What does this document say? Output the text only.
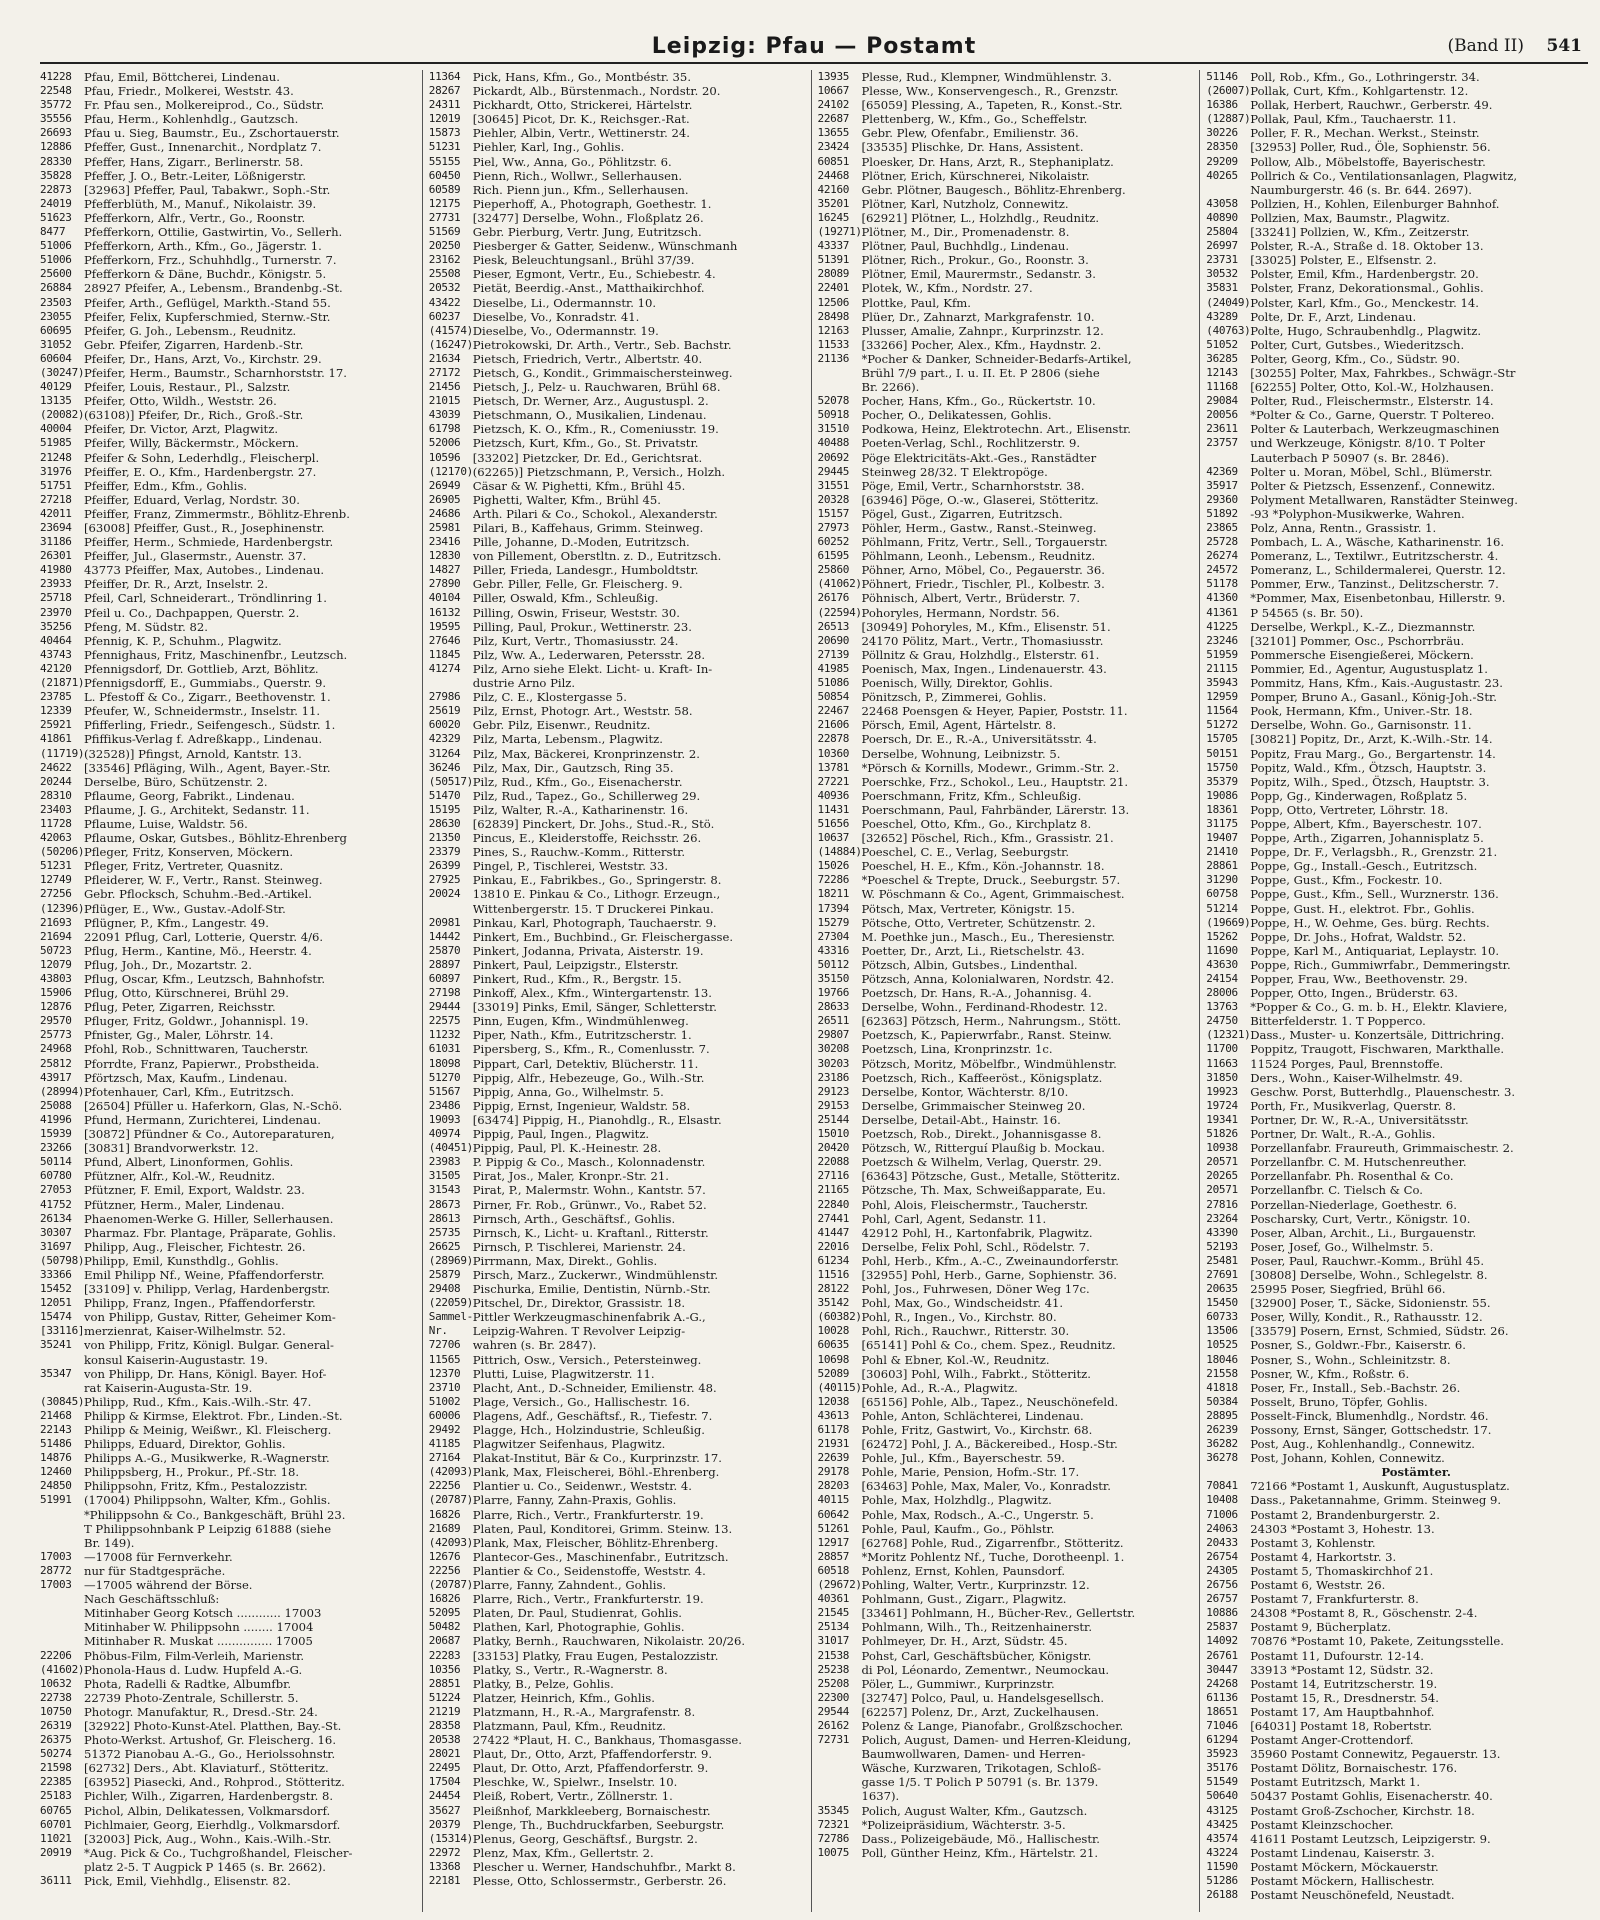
Leipzig: Pfau — Postamt	(Band II) 541
41228	Pfau, Emil, Böttcherei, Lindenau.
22548	Pfau, Friedr., Molkerei, Weststr. 43.
35772	Fr. Pfau sen., Molkereiprod., Co., Südstr.
35556	Pfau, Herm., Kohlenhdlg., Gautzsch.
26693	Pfau u. Sieg, Baumstr., Eu., Zschortauerstr.
12886	Pfeffer, Gust., Innenarchit., Nordplatz 7.
28330	Pfeffer, Hans, Zigarr., Berlinerstr. 58.
35828	Pfeffer, J. O., Betr.-Leiter, Lößnigerstr.
22873	[32963] Pfeffer, Paul, Tabakwr., Soph.-Str.
24019	Pfefferblüth, M., Manuf., Nikolaistr. 39.
51623	Pfefferkorn, Alfr., Vertr., Go., Roonstr.
8477	Pfefferkorn, Ottilie, Gastwirtin, Vo., Sellerh.
51006	Pfefferkorn, Arth., Kfm., Go., Jägerstr. 1.
51006	Pfefferkorn, Frz., Schuhhdlg., Turnerstr. 7.
25600	Pfefferkorn & Däne, Buchdr., Königstr. 5.
26884	28927 Pfeifer, A., Lebensm., Brandenbg.-St.
23503	Pfeifer, Arth., Geflügel, Markth.-Stand 55.
23055	Pfeifer, Felix, Kupferschmied, Sternw.-Str.
60695	Pfeifer, G. Joh., Lebensm., Reudnitz.
31052	Gebr. Pfeifer, Zigarren, Hardenb.-Str.
60604	Pfeifer, Dr., Hans, Arzt, Vo., Kirchstr. 29.
(30247) Pfeifer, Herm., Baumstr., Scharnhorststr. 17.
40129	Pfeifer, Louis, Restaur., Pl., Salzstr.
13135	Pfeifer, Otto, Wildh., Weststr. 26.
(20082) (63108)] Pfeifer, Dr., Rich., Groß.-Str.
40004	Pfeifer, Dr. Victor, Arzt, Plagwitz.
51985	Pfeifer, Willy, Bäckermstr., Möckern.
21248	Pfeifer & Sohn, Lederhdlg., Fleischerpl.
31976	Pfeiffer, E. O., Kfm., Hardenbergstr. 27.
51751	Pfeiffer, Edm., Kfm., Gohlis.
27218	Pfeiffer, Eduard, Verlag, Nordstr. 30.
42011	Pfeiffer, Franz, Zimmermstr., Böhlitz-Ehrenb.
23694	[63008] Pfeiffer, Gust., R., Josephinenstr.
31186	Pfeiffer, Herm., Schmiede, Hardenbergstr.
26301	Pfeiffer, Jul., Glasermstr., Auenstr. 37.
41980	43773 Pfeiffer, Max, Autobes., Lindenau.
23933	Pfeiffer, Dr. R., Arzt, Inselstr. 2.
25718	Pfeil, Carl, Schneiderart., Tröndlinring 1.
23970	Pfeil u. Co., Dachpappen, Querstr. 2.
35256	Pfeng, M. Südstr. 82.
40464	Pfennig, K. P., Schuhm., Plagwitz.
43743	Pfennighaus, Fritz, Maschinenfbr., Leutzsch.
42120	Pfennigsdorf, Dr. Gottlieb, Arzt, Böhlitz.
(21871) Pfennigsdorff, E., Gummiabs., Querstr. 9.
23785	L. Pfestoff & Co., Zigarr., Beethovenstr. 1.
12339	Pfeufer, W., Schneidermstr., Inselstr. 11.
25921	Pfifferling, Friedr., Seifengesch., Südstr. 1.
41861	Pfiffikus-Verlag f. Adreßkapp., Lindenau.
(11719) (32528)] Pfingst, Arnold, Kantstr. 13.
24622	[33546] Pfläging, Wilh., Agent, Bayer.-Str.
20244	Derselbe, Büro, Schützenstr. 2.
28310	Pflaume, Georg, Fabrikt., Lindenau.
23403	Pflaume, J. G., Architekt, Sedanstr. 11.
11728	Pflaume, Luise, Waldstr. 56.
42063	Pflaume, Oskar, Gutsbes., Böhlitz-Ehrenberg
(50206) Pfleger, Fritz, Konserven, Möckern.
51231	Pfleger, Fritz, Vertreter, Quasnitz.
12749	Pfleiderer, W. F., Vertr., Ranst. Steinweg.
27256	Gebr. Pflocksch, Schuhm.-Bed.-Artikel.
(12396) Pflüger, E., Ww., Gustav.-Adolf-Str.
21693	Pflügner, P., Kfm., Langestr. 49.
21694	22091 Pflug, Carl, Lotterie, Querstr. 4/6.
50723	Pflug, Herm., Kantine, Mö., Heerstr. 4.
12079	Pflug, Joh., Dr., Mozartstr. 2.
43803	Pflug, Oscar, Kfm., Leutzsch, Bahnhofstr.
15906	Pflug, Otto, Kürschnerei, Brühl 29.
12876	Pflug, Peter, Zigarren, Reichsstr.
29570	Pfluger, Fritz, Goldwr., Johannispl. 19.
25773	Pfnister, Gg., Maler, Löhrstr. 14.
24968	Pfohl, Rob., Schnittwaren, Taucherstr.
25812	Pforrdte, Franz, Papierwr., Probstheida.
43917	Pförtzsch, Max, Kaufm., Lindenau.
(28994) Pfotenhauer, Carl, Kfm., Eutritzsch.
25088	[26504] Pfüller u. Haferkorn, Glas, N.-Schö.
41996	Pfund, Hermann, Zurichterei, Lindenau.
15939	[30872] Pfündner & Co., Autoreparaturen,
23266	[30831] Brandvorwerkstr. 12.
50114	Pfund, Albert, Linonformen, Gohlis.
60780	Pfützner, Alfr., Kol.-W., Reudnitz.
27053	Pfützner, F. Emil, Export, Waldstr. 23.
41752	Pfützner, Herm., Maler, Lindenau.
26134	Phaenomen-Werke G. Hiller, Sellerhausen.
30307	Pharmaz. Fbr. Plantage, Präparate, Gohlis.
31697	Philipp, Aug., Fleischer, Fichtestr. 26.
(50798) Philipp, Emil, Kunsthdlg., Gohlis.
33366	Emil Philipp Nf., Weine, Pfaffendorferstr.
15452	[33109] v. Philipp, Verlag, Hardenbergstr.
12051	Philipp, Franz, Ingen., Pfaffendorferstr.
15474	von Philipp, Gustav, Ritter, Geheimer Kom-
[33116] merzienrat, Kaiser-Wilhelmstr. 52.
35241	von Philipp, Fritz, Königl. Bulgar. General-
konsul Kaiserin-Augustastr. 19.
35347	von Philipp, Dr. Hans, Königl. Bayer. Hof-
rat Kaiserin-Augusta-Str. 19.
(30845) Philipp, Rud., Kfm., Kais.-Wilh.-Str. 47.
21468	Philipp & Kirmse, Elektrot. Fbr., Linden.-St.
22143	Philipp & Meinig, Weißwr., Kl. Fleischerg.
51486	Philipps, Eduard, Direktor, Gohlis.
14876	Philipps A.-G., Musikwerke, R.-Wagnerstr.
12460	Philippsberg, H., Prokur., Pf.-Str. 18.
24850	Philippsohn, Fritz, Kfm., Pestalozzistr.
51991	(17004) Philippsohn, Walter, Kfm., Gohlis.
*Philippsohn & Co., Bankgeschäft, Brühl 23.
T Philippsohnbank P Leipzig 61888 (siehe
Br. 149).
17003	—17008 für Fernverkehr.
28772	nur für Stadtgespräche.
17003	—17005 während der Börse.
Nach Geschäftsschluß:
Mitinhaber Georg Kotsch ............ 17003
Mitinhaber W. Philippsohn ........ 17004
Mitinhaber R. Muskat ............... 17005
22206	Phöbus-Film, Film-Verleih, Marienstr.
(41602) Phonola-Haus d. Ludw. Hupfeld A.-G.
10632	Phota, Radelli & Radtke, Albumfbr.
22738	22739 Photo-Zentrale, Schillerstr. 5.
10750	Photogr. Manufaktur, R., Dresd.-Str. 24.
26319	[32922] Photo-Kunst-Atel. Platthen, Bay.-St.
26375	Photo-Werkst. Artushof, Gr. Fleischerg. 16.
50274	51372 Pianobau A.-G., Go., Heriolssohnstr.
21598	[62732] Ders., Abt. Klaviaturf., Stötteritz.
22385	[63952] Piasecki, And., Rohprod., Stötteritz.
25183	Pichler, Wilh., Zigarren, Hardenbergstr. 8.
60765	Pichol, Albin, Delikatessen, Volkmarsdorf.
60701	Pichlmaier, Georg, Eierhdlg., Volkmarsdorf.
11021	[32003] Pick, Aug., Wohn., Kais.-Wilh.-Str.
20919	*Aug. Pick & Co., Tuchgroßhandel, Fleischer-
platz 2-5. T Augpick P 1465 (s. Br. 2662).
36111	Pick, Emil, Viehhdlg., Elisenstr. 82.
11364	Pick, Hans, Kfm., Go., Montbéstr. 35.
28267	Pickardt, Alb., Bürstenmach., Nordstr. 20.
24311	Pickhardt, Otto, Strickerei, Härtelstr.
12019	[30645] Picot, Dr. K., Reichsger.-Rat.
15873	Piehler, Albin, Vertr., Wettinerstr. 24.
51231	Piehler, Karl, Ing., Gohlis.
55155	Piel, Ww., Anna, Go., Pöhlitzstr. 6.
60450	Pienn, Rich., Wollwr., Sellerhausen.
60589	Rich. Pienn jun., Kfm., Sellerhausen.
12175	Pieperhoff, A., Photograph, Goethestr. 1.
27731	[32477] Derselbe, Wohn., Floßplatz 26.
51569	Gebr. Pierburg, Vertr. Jung, Eutritzsch.
20250	Piesberger & Gatter, Seidenw., Wünschmanh
23162	Piesk, Beleuchtungsanl., Brühl 37/39.
25508	Pieser, Egmont, Vertr., Eu., Schiebestr. 4.
20532	Pietät, Beerdig.-Anst., Matthaikirchhof.
43422	Dieselbe, Li., Odermannstr. 10.
60237	Dieselbe, Vo., Konradstr. 41.
(41574) Dieselbe, Vo., Odermannstr. 19.
(16247) Pietrokowski, Dr. Arth., Vertr., Seb. Bachstr.
21634	Pietsch, Friedrich, Vertr., Albertstr. 40.
27172	Pietsch, G., Kondit., Grimmaischersteinweg.
21456	Pietsch, J., Pelz- u. Rauchwaren, Brühl 68.
21015	Pietsch, Dr. Werner, Arz., Augustuspl. 2.
43039	Pietschmann, O., Musikalien, Lindenau.
61798	Pietzsch, K. O., Kfm., R., Comeniusstr. 19.
52006	Pietzsch, Kurt, Kfm., Go., St. Privatstr.
10596	[33202] Pietzcker, Dr. Ed., Gerichtsrat.
(12170) (62265)] Pietzschmann, P., Versich., Holzh.
26949	Cäsar & W. Pighetti, Kfm., Brühl 45.
26905	Pighetti, Walter, Kfm., Brühl 45.
24686	Arth. Pilari & Co., Schokol., Alexanderstr.
25981	Pilari, B., Kaffehaus, Grimm. Steinweg.
23416	Pille, Johanne, D.-Moden, Eutritzsch.
12830	von Pillement, Oberstltn. z. D., Eutritzsch.
14827	Piller, Frieda, Landesgr., Humboldtstr.
27890	Gebr. Piller, Felle, Gr. Fleischerg. 9.
40104	Piller, Oswald, Kfm., Schleußig.
16132	Pilling, Oswin, Friseur, Weststr. 30.
19595	Pilling, Paul, Prokur., Wettinerstr. 23.
27646	Pilz, Kurt, Vertr., Thomasiusstr. 24.
11845	Pilz, Ww. A., Lederwaren, Petersstr. 28.
41274	Pilz, Arno siehe Elekt. Licht- u. Kraft- In-
dustrie Arno Pilz.
27986	Pilz, C. E., Klostergasse 5.
25619	Pilz, Ernst, Photogr. Art., Weststr. 58.
60020	Gebr. Pilz, Eisenwr., Reudnitz.
42329	Pilz, Marta, Lebensm., Plagwitz.
31264	Pilz, Max, Bäckerei, Kronprinzenstr. 2.
36246	Pilz, Max, Dir., Gautzsch, Ring 35.
(50517) Pilz, Rud., Kfm., Go., Eisenacherstr.
51470	Pilz, Rud., Tapez., Go., Schillerweg 29.
15195	Pilz, Walter, R.-A., Katharinenstr. 16.
28630	[62839] Pinckert, Dr. Johs., Stud.-R., Stö.
21350	Pincus, E., Kleiderstoffe, Reichsstr. 26.
23379	Pines, S., Rauchw.-Komm., Ritterstr.
26399	Pingel, P., Tischlerei, Weststr. 33.
27925	Pinkau, E., Fabrikbes., Go., Springerstr. 8.
20024	13810 E. Pinkau & Co., Lithogr. Erzeugn.,
Wittenbergerstr. 15. T Druckerei Pinkau.
20981	Pinkau, Karl, Photograph, Tauchaerstr. 9.
14442	Pinkert, Em., Buchbind., Gr. Fleischergasse.
25870	Pinkert, Jodanna, Privata, Aisterstr. 19.
28897	Pinkert, Paul, Leipzigstr., Elsterstr.
60897	Pinkert, Rud., Kfm., R., Bergstr. 15.
27198	Pinkoff, Alex., Kfm., Wintergartenstr. 13.
29444	[33019] Pinks, Emil, Sänger, Schletterstr.
22575	Pinn, Eugen, Kfm., Windmühlenweg.
11232	Piper, Nath., Kfm., Eutritzscherstr. 1.
61031	Pipersberg, S., Kfm., R., Comenlusstr. 7.
18098	Pippart, Carl, Detektiv, Blücherstr. 11.
51270	Pippig, Alfr., Hebezeuge, Go., Wilh.-Str.
51567	Pippig, Anna, Go., Wilhelmstr. 5.
23486	Pippig, Ernst, Ingenieur, Waldstr. 58.
19093	[63474] Pippig, H., Pianohdlg., R., Elsastr.
40974	Pippig, Paul, Ingen., Plagwitz.
(40451) Pippig, Paul, Pl. K.-Heinestr. 28.
23983	P. Pippig & Co., Masch., Kolonnadenstr.
31505	Pirat, Jos., Maler, Kronpr.-Str. 21.
31543	Pirat, P., Malermstr. Wohn., Kantstr. 57.
28673	Pirner, Fr. Rob., Grünwr., Vo., Rabet 52.
28613	Pirnsch, Arth., Geschäftsf., Gohlis.
25735	Pirnsch, K., Licht- u. Kraftanl., Ritterstr.
26625	Pirnsch, P. Tischlerei, Marienstr. 24.
(28969) Pirrmann, Max, Direkt., Gohlis.
25879	Pirsch, Marz., Zuckerwr., Windmühlenstr.
29408	Pischurka, Emilie, Dentistin, Nürnb.-Str.
(22059) Pitschel, Dr., Direktor, Grassistr. 18.
Sammel- Pittler Werkzeugmaschinenfabrik A.-G.,
Nr.	Leipzig-Wahren. T Revolver Leipzig-
72706	wahren (s. Br. 2847).
11565	Pittrich, Osw., Versich., Petersteinweg.
12370	Plutti, Luise, Plagwitzerstr. 11.
23710	Placht, Ant., D.-Schneider, Emilienstr. 48.
51002	Plage, Versich., Go., Hallischestr. 16.
60006	Plagens, Adf., Geschäftsf., R., Tiefestr. 7.
29492	Plagge, Hch., Holzindustrie, Schleußig.
41185	Plagwitzer Seifenhaus, Plagwitz.
27164	Plakat-Institut, Bär & Co., Kurprinzstr. 17.
(42093) Plank, Max, Fleischerei, Böhl.-Ehrenberg.
22256	Plantier u. Co., Seidenwr., Weststr. 4.
(20787) Plarre, Fanny, Zahn-Praxis, Gohlis.
16826	Plarre, Rich., Vertr., Frankfurterstr. 19.
21689	Platen, Paul, Konditorei, Grimm. Steinw. 13.
(42093) Plank, Max, Fleischer, Böhlitz-Ehrenberg.
12676	Plantecor-Ges., Maschinenfabr., Eutritzsch.
22256	Plantier & Co., Seidenstoffe, Weststr. 4.
(20787) Plarre, Fanny, Zahndent., Gohlis.
16826	Plarre, Rich., Vertr., Frankfurterstr. 19.
52095	Platen, Dr. Paul, Studienrat, Gohlis.
50482	Plathen, Karl, Photographie, Gohlis.
20687	Platky, Bernh., Rauchwaren, Nikolaistr. 20/26.
22283	[33153] Platky, Frau Eugen, Pestalozzistr.
10356	Platky, S., Vertr., R.-Wagnerstr. 8.
28851	Platky, B., Pelze, Gohlis.
51224	Platzer, Heinrich, Kfm., Gohlis.
21219	Platzmann, H., R.-A., Margrafenstr. 8.
28358	Platzmann, Paul, Kfm., Reudnitz.
20538	27422 *Plaut, H. C., Bankhaus, Thomasgasse.
28021	Plaut, Dr., Otto, Arzt, Pfaffendorferstr. 9.
22495	Plaut, Dr. Otto, Arzt, Pfaffendorferstr. 9.
17504	Pleschke, W., Spielwr., Inselstr. 10.
24454	Pleiß, Robert, Vertr., Zöllnerstr. 1.
35627	Pleißnhof, Markkleeberg, Bornaischestr.
20379	Plenge, Th., Buchdruckfarben, Seeburgstr.
(15314) Plenus, Georg, Geschäftsf., Burgstr. 2.
22972	Plenz, Max, Kfm., Gellertstr. 2.
13368	Plescher u. Werner, Handschuhfbr., Markt 8.
22181	Plesse, Otto, Schlossermstr., Gerberstr. 26.
13935	Plesse, Rud., Klempner, Windmühlenstr. 3.
10667	Plesse, Ww., Konservengesch., R., Grenzstr.
24102	[65059] Plessing, A., Tapeten, R., Konst.-Str.
22687	Plettenberg, W., Kfm., Go., Scheffelstr.
13655	Gebr. Plew, Ofenfabr., Emilienstr. 36.
23424	[33535] Plischke, Dr. Hans, Assistent.
60851	Ploesker, Dr. Hans, Arzt, R., Stephaniplatz.
24468	Plötner, Erich, Kürschnerei, Nikolaistr.
42160	Gebr. Plötner, Baugesch., Böhlitz-Ehrenberg.
35201	Plötner, Karl, Nutzholz, Connewitz.
16245	[62921] Plötner, L., Holzhdlg., Reudnitz.
(19271) Plötner, M., Dir., Promenadenstr. 8.
43337	Plötner, Paul, Buchhdlg., Lindenau.
51391	Plötner, Rich., Prokur., Go., Roonstr. 3.
28089	Plötner, Emil, Maurermstr., Sedanstr. 3.
22401	Plotek, W., Kfm., Nordstr. 27.
12506	Plottke, Paul, Kfm.
28498	Plüer, Dr., Zahnarzt, Markgrafenstr. 10.
12163	Plusser, Amalie, Zahnpr., Kurprinzstr. 12.
11533	[33266] Pocher, Alex., Kfm., Haydnstr. 2.
21136	*Pocher & Danker, Schneider-Bedarfs-Artikel,
Brühl 7/9 part., I. u. II. Et. P 2806 (siehe
Br. 2266).
52078	Pocher, Hans, Kfm., Go., Rückertstr. 10.
50918	Pocher, O., Delikatessen, Gohlis.
31510	Podkowa, Heinz, Elektrotechn. Art., Elisenstr.
40488	Poeten-Verlag, Schl., Rochlitzerstr. 9.
20692	Pöge Elektricitäts-Akt.-Ges., Ranstädter
29445	Steinweg 28/32. T Elektropöge.
31551	Pöge, Emil, Vertr., Scharnhorststr. 38.
20328	[63946] Pöge, O.-w., Glaserei, Stötteritz.
15157	Pögel, Gust., Zigarren, Eutritzsch.
27973	Pöhler, Herm., Gastw., Ranst.-Steinweg.
60252	Pöhlmann, Fritz, Vertr., Sell., Torgauerstr.
61595	Pöhlmann, Leonh., Lebensm., Reudnitz.
25860	Pöhner, Arno, Möbel, Co., Pegauerstr. 36.
(41062) Pöhnert, Friedr., Tischler, Pl., Kolbestr. 3.
26176	Pöhnisch, Albert, Vertr., Brüderstr. 7.
(22594) Pohoryles, Hermann, Nordstr. 56.
26513	[30949] Pohoryles, M., Kfm., Elisenstr. 51.
20690	24170 Pölitz, Mart., Vertr., Thomasiusstr.
27139	Pöllnitz & Grau, Holzhdlg., Elsterstr. 61.
41985	Poenisch, Max, Ingen., Lindenauerstr. 43.
51086	Poenisch, Willy, Direktor, Gohlis.
50854	Pönitzsch, P., Zimmerei, Gohlis.
22467	22468 Poensgen & Heyer, Papier, Poststr. 11.
21606	Pörsch, Emil, Agent, Härtelstr. 8.
22878	Poersch, Dr. E., R.-A., Universitätsstr. 4.
10360	Derselbe, Wohnung, Leibnizstr. 5.
13781	*Pörsch & Kornills, Modewr., Grimm.-Str. 2.
27221	Poerschke, Frz., Schokol., Leu., Hauptstr. 21.
40936	Poerschmann, Fritz, Kfm., Schleußig.
11431	Poerschmann, Paul, Fahrbänder, Lärerstr. 13.
51656	Poeschel, Otto, Kfm., Go., Kirchplatz 8.
10637	[32652] Pöschel, Rich., Kfm., Grassistr. 21.
(14884) Poeschel, C. E., Verlag, Seeburgstr.
15026	Poeschel, H. E., Kfm., Kön.-Johannstr. 18.
72286	*Poeschel & Trepte, Druck., Seeburgstr. 57.
18211	W. Pöschmann & Co., Agent, Grimmaischest.
17394	Pötsch, Max, Vertreter, Königstr. 15.
15279	Pötsche, Otto, Vertreter, Schützenstr. 2.
27304	M. Poethke jun., Masch., Eu., Theresienstr.
43316	Poetter, Dr., Arzt, Li., Rietschelstr. 43.
50112	Pötzsch, Albin, Gutsbes., Lindenthal.
35150	Pötzsch, Anna, Kolonialwaren, Nordstr. 42.
19766	Poetzsch, Dr. Hans, R.-A., Johannisg. 4.
28633	Derselbe, Wohn., Ferdinand-Rhodestr. 12.
26511	[62363] Pötzsch, Herm., Nahrungsm., Stött.
29807	Poetzsch, K., Papierwrfabr., Ranst. Steinw.
30208	Poetzsch, Lina, Kronprinzstr. 1c.
30203	Pötzsch, Moritz, Möbelfbr., Windmühlenstr.
23186	Poetzsch, Rich., Kaffeeröst., Königsplatz.
29123	Derselbe, Kontor, Wächterstr. 8/10.
29153	Derselbe, Grimmaischer Steinweg 20.
25144	Derselbe, Detail-Abt., Hainstr. 16.
15010	Poetzsch, Rob., Direkt., Johannisgasse 8.
20420	Pötzsch, W., Ritterguí Plaußig b. Mockau.
22088	Poetzsch & Wilhelm, Verlag, Querstr. 29.
27116	[63643] Pötzsche, Gust., Metalle, Stötteritz.
21165	Pötzsche, Th. Max, Schweißapparate, Eu.
22840	Pohl, Alois, Fleischermstr., Taucherstr.
27441	Pohl, Carl, Agent, Sedanstr. 11.
41447	42912 Pohl, H., Kartonfabrik, Plagwitz.
22016	Derselbe, Felix Pohl, Schl., Rödelstr. 7.
61234	Pohl, Herb., Kfm., A.-C., Zweinaundorferstr.
11516	[32955] Pohl, Herb., Garne, Sophienstr. 36.
28122	Pohl, Jos., Fuhrwesen, Döner Weg 17c.
35142	Pohl, Max, Go., Windscheidstr. 41.
(60382) Pohl, R., Ingen., Vo., Kirchstr. 80.
10028	Pohl, Rich., Rauchwr., Ritterstr. 30.
60635	[65141] Pohl & Co., chem. Spez., Reudnitz.
10698	Pohl & Ebner, Kol.-W., Reudnitz.
52089	[30603] Pohl, Wilh., Fabrkt., Stötteritz.
(40115) Pohle, Ad., R.-A., Plagwitz.
12038	[65156] Pohle, Alb., Tapez., Neuschönefeld.
43613	Pohle, Anton, Schlächterei, Lindenau.
61178	Pohle, Fritz, Gastwirt, Vo., Kirchstr. 68.
21931	[62472] Pohl, J. A., Bäckereibed., Hosp.-Str.
22639	Pohle, Jul., Kfm., Bayerschestr. 59.
29178	Pohle, Marie, Pension, Hofm.-Str. 17.
28203	[63463] Pohle, Max, Maler, Vo., Konradstr.
40115	Pohle, Max, Holzhdlg., Plagwitz.
60642	Pohle, Max, Rodsch., A.-C., Ungerstr. 5.
51261	Pohle, Paul, Kaufm., Go., Pöhlstr.
12917	[62768] Pohle, Rud., Zigarrenfbr., Stötteritz.
28857	*Moritz Pohlentz Nf., Tuche, Dorotheenpl. 1.
60518	Pohlenz, Ernst, Kohlen, Paunsdorf.
(29672) Pohling, Walter, Vertr., Kurprinzstr. 12.
40361	Pohlmann, Gust., Zigarr., Plagwitz.
21545	[33461] Pohlmann, H., Bücher-Rev., Gellertstr.
25134	Pohlmann, Wilh., Th., Reitzenhainerstr.
31017	Pohlmeyer, Dr. H., Arzt, Südstr. 45.
21538	Pohst, Carl, Geschäftsbücher, Königstr.
25238	di Pol, Léonardo, Zementwr., Neumockau.
25208	Pöler, L., Gummiwr., Kurprinzstr.
22300	[32747] Polco, Paul, u. Handelsgesellsch.
29544	[62257] Polenz, Dr., Arzt, Zuckelhausen.
26162	Polenz & Lange, Pianofabr., Grolßzschocher.
72731	Polich, August, Damen- und Herren-Kleidung,
Baumwollwaren, Damen- und Herren-
Wäsche, Kurzwaren, Trikotagen, Schloß-
gasse 1/5. T Polich P 50791 (s. Br. 1379.
1637).
35345	Polich, August Walter, Kfm., Gautzsch.
72321	*Polizeipräsidium, Wächterstr. 3-5.
72786	Dass., Polizeigebäude, Mö., Hallischestr.
10075	Poll, Günther Heinz, Kfm., Härtelstr. 21.
51146	Poll, Rob., Kfm., Go., Lothringerstr. 34.
(26007) Pollak, Curt, Kfm., Kohlgartenstr. 12.
16386	Pollak, Herbert, Rauchwr., Gerberstr. 49.
(12887) Pollak, Paul, Kfm., Tauchaerstr. 11.
30226	Poller, F. R., Mechan. Werkst., Steinstr.
28350	[32953] Poller, Rud., Öle, Sophienstr. 56.
29209	Pollow, Alb., Möbelstoffe, Bayerischestr.
40265	Pollrich & Co., Ventilationsanlagen, Plagwitz,
Naumburgerstr. 46 (s. Br. 644. 2697).
43058	Pollzien, H., Kohlen, Eilenburger Bahnhof.
40890	Pollzien, Max, Baumstr., Plagwitz.
25804	[33241] Pollzien, W., Kfm., Zeitzerstr.
26997	Polster, R.-A., Straße d. 18. Oktober 13.
23731	[33025] Polster, E., Elfsenstr. 2.
30532	Polster, Emil, Kfm., Hardenbergstr. 20.
35831	Polster, Franz, Dekorationsmal., Gohlis.
(24049) Polster, Karl, Kfm., Go., Menckestr. 14.
43289	Polte, Dr. F., Arzt, Lindenau.
(40763) Polte, Hugo, Schraubenhdlg., Plagwitz.
51052	Polter, Curt, Gutsbes., Wiederitzsch.
36285	Polter, Georg, Kfm., Co., Südstr. 90.
12143	[30255] Polter, Max, Fahrkbes., Schwägr.-Str
11168	[62255] Polter, Otto, Kol.-W., Holzhausen.
29084	Polter, Rud., Fleischermstr., Elsterstr. 14.
20056	*Polter & Co., Garne, Querstr. T Poltereo.
23611	Polter & Lauterbach, Werkzeugmaschinen
23757	und Werkzeuge, Königstr. 8/10. T Polter
Lauterbach P 50907 (s. Br. 2846).
42369	Polter u. Moran, Möbel, Schl., Blümerstr.
35917	Polter & Pietzsch, Essenzenf., Connewitz.
29360	Polyment Metallwaren, Ranstädter Steinweg.
51892	-93 *Polyphon-Musikwerke, Wahren.
23865	Polz, Anna, Rentn., Grassistr. 1.
25728	Pombach, L. A., Wäsche, Katharinenstr. 16.
26274	Pomeranz, L., Textilwr., Eutritzscherstr. 4.
24572	Pomeranz, L., Schildermalerei, Querstr. 12.
51178	Pommer, Erw., Tanzinst., Delitzscherstr. 7.
41360	*Pommer, Max, Eisenbetonbau, Hillerstr. 9.
41361	P 54565 (s. Br. 50).
41225	Derselbe, Werkpl., K.-Z., Diezmannstr.
23246	[32101] Pommer, Osc., Pschorrbräu.
51959	Pommersche Eisengießerei, Möckern.
21115	Pommier, Ed., Agentur, Augustusplatz 1.
35943	Pommitz, Hans, Kfm., Kais.-Augustastr. 23.
12959	Pomper, Bruno A., Gasanl., König-Joh.-Str.
11564	Pook, Hermann, Kfm., Univer.-Str. 18.
51272	Derselbe, Wohn. Go., Garnisonstr. 11.
15705	[30821] Popitz, Dr., Arzt, K.-Wilh.-Str. 14.
50151	Popitz, Frau Marg., Go., Bergartenstr. 14.
15750	Popitz, Wald., Kfm., Ötzsch, Hauptstr. 3.
35379	Popitz, Wilh., Sped., Ötzsch, Hauptstr. 3.
19086	Popp, Gg., Kinderwagen, Roßplatz 5.
18361	Popp, Otto, Vertreter, Löhrstr. 18.
31175	Poppe, Albert, Kfm., Bayerschestr. 107.
19407	Poppe, Arth., Zigarren, Johannisplatz 5.
21410	Poppe, Dr. F., Verlagsbh., R., Grenzstr. 21.
28861	Poppe, Gg., Install.-Gesch., Eutritzsch.
31290	Poppe, Gust., Kfm., Fockestr. 10.
60758	Poppe, Gust., Kfm., Sell., Wurznerstr. 136.
51214	Poppe, Gust. H., elektrot. Fbr., Gohlis.
(19669) Poppe, H., W. Oehme, Ges. bürg. Rechts.
15262	Poppe, Dr. Johs., Hofrat, Waldstr. 52.
11690	Poppe, Karl M., Antiquariat, Leplaystr. 10.
43630	Poppe, Rich., Gummiwrfabr., Demmeringstr.
24154	Popper, Frau, Ww., Beethovenstr. 29.
28006	Popper, Otto, Ingen., Brüderstr. 63.
13763	*Popper & Co., G. m. b. H., Elektr. Klaviere,
24750	Bitterfelderstr. 1. T Popperco.
(12321) Dass., Muster- u. Konzertsäle, Dittrichring.
11700	Poppitz, Traugott, Fischwaren, Markthalle.
11663	11524 Porges, Paul, Brennstoffe.
31850	Ders., Wohn., Kaiser-Wilhelmstr. 49.
19923	Geschw. Porst, Butterhdlg., Plauenschestr. 3.
19724	Porth, Fr., Musikverlag, Querstr. 8.
19341	Portner, Dr. W., R.-A., Universitätsstr.
51826	Portner, Dr. Walt., R.-A., Gohlis.
10938	Porzellanfabr. Fraureuth, Grimmaischestr. 2.
20571	Porzellanfbr. C. M. Hutschenreuther.
20265	Porzellanfabr. Ph. Rosenthal & Co.
20571	Porzellanfbr. C. Tielsch & Co.
27816	Porzellan-Niederlage, Goethestr. 6.
23264	Poscharsky, Curt, Vertr., Königstr. 10.
43390	Poser, Alban, Archit., Li., Burgauenstr.
52193	Poser, Josef, Go., Wilhelmstr. 5.
25481	Poser, Paul, Rauchwr.-Komm., Brühl 45.
27691	[30808] Derselbe, Wohn., Schlegelstr. 8.
20635	25995 Poser, Siegfried, Brühl 66.
15450	[32900] Poser, T., Säcke, Sidonienstr. 55.
60733	Poser, Willy, Kondit., R., Rathausstr. 12.
13506	[33579] Posern, Ernst, Schmied, Südstr. 26.
10525	Posner, S., Goldwr.-Fbr., Kaiserstr. 6.
18046	Posner, S., Wohn., Schleinitzstr. 8.
21558	Posner, W., Kfm., Roßstr. 6.
41818	Poser, Fr., Install., Seb.-Bachstr. 26.
50384	Posselt, Bruno, Töpfer, Gohlis.
28895	Posselt-Finck, Blumenhdlg., Nordstr. 46.
26239	Possony, Ernst, Sänger, Gottschedstr. 17.
36282	Post, Aug., Kohlenhandlg., Connewitz.
36278	Post, Johann, Kohlen, Connewitz.
Postämter.
70841	72166 *Postamt 1, Auskunft, Augustusplatz.
10408	Dass., Paketannahme, Grimm. Steinweg 9.
71006	Postamt 2, Brandenburgerstr. 2.
24063	24303 *Postamt 3, Hohestr. 13.
20433	Postamt 3, Kohlenstr.
26754	Postamt 4, Harkortstr. 3.
24305	Postamt 5, Thomaskirchhof 21.
26756	Postamt 6, Weststr. 26.
26757	Postamt 7, Frankfurterstr. 8.
10886	24308 *Postamt 8, R., Göschenstr. 2-4.
25837	Postamt 9, Bücherplatz.
14092	70876 *Postamt 10, Pakete, Zeitungsstelle.
26761	Postamt 11, Dufourstr. 12-14.
30447	33913 *Postamt 12, Südstr. 32.
24268	Postamt 14, Eutritzscherstr. 19.
61136	Postamt 15, R., Dresdnerstr. 54.
18651	Postamt 17, Am Hauptbahnhof.
71046	[64031] Postamt 18, Robertstr.
61294	Postamt Anger-Crottendorf.
35923	35960 Postamt Connewitz, Pegauerstr. 13.
35176	Postamt Dölitz, Bornaischestr. 176.
51549	Postamt Eutritzsch, Markt 1.
50640	50437 Postamt Gohlis, Eisenacherstr. 40.
43125	Postamt Groß-Zschocher, Kirchstr. 18.
43425	Postamt Kleinzschocher.
43574	41611 Postamt Leutzsch, Leipzigerstr. 9.
43224	Postamt Lindenau, Kaiserstr. 3.
11590	Postamt Möckern, Möckauerstr.
51286	Postamt Möckern, Hallischestr.
26188	Postamt Neuschönefeld, Neustadt.
